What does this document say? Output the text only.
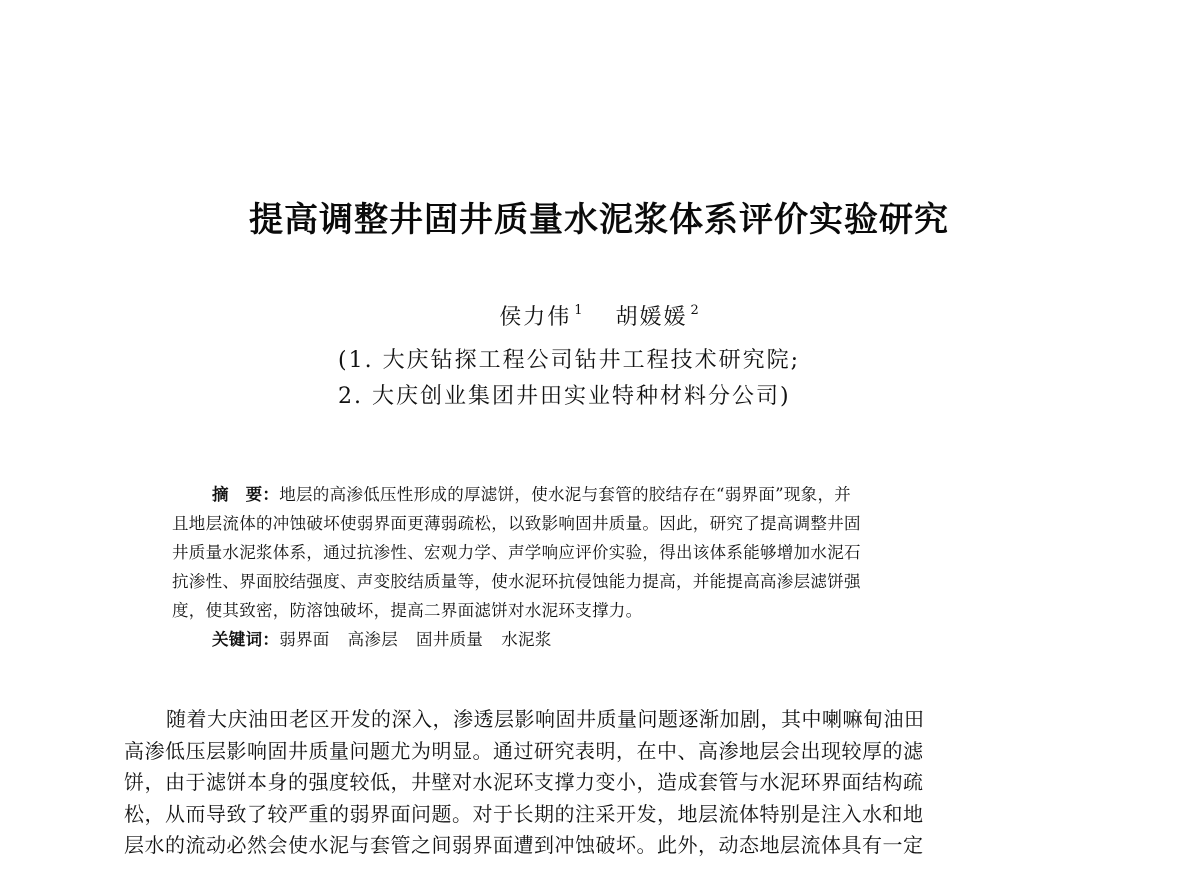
提高调整井固井质量水泥浆体系评价实验研究
侯力伟 $^1$ 胡媛媛 $^2$
(1. 大庆钻探工程公司钻井工程技术研究院;
2. 大庆创业集团井田实业特种材料分公司)
摘　要：地层的高渗低压性形成的厚滤饼，使水泥与套管的胶结存在“弱界面”现象，并
且地层流体的冲蚀破坏使弱界面更薄弱疏松，以致影响固井质量。因此，研究了提高调整井固
井质量水泥浆体系，通过抗渗性、宏观力学、声学响应评价实验，得出该体系能够增加水泥石
抗渗性、界面胶结强度、声变胶结质量等，使水泥环抗侵蚀能力提高，并能提高高渗层滤饼强
度，使其致密，防溶蚀破坏，提高二界面滤饼对水泥环支撑力。
关键词：弱界面 高渗层 固井质量 水泥浆
随着大庆油田老区开发的深入，渗透层影响固井质量问题逐渐加剧，其中喇嘛甸油田
高渗低压层影响固井质量问题尤为明显。通过研究表明，在中、高渗地层会出现较厚的滤
饼，由于滤饼本身的强度较低，井壁对水泥环支撑力变小，造成套管与水泥环界面结构疏
松，从而导致了较严重的弱界面问题。对于长期的注采开发，地层流体特别是注入水和地
层水的流动必然会使水泥与套管之间弱界面遭到冲蚀破坏。此外，动态地层流体具有一定
